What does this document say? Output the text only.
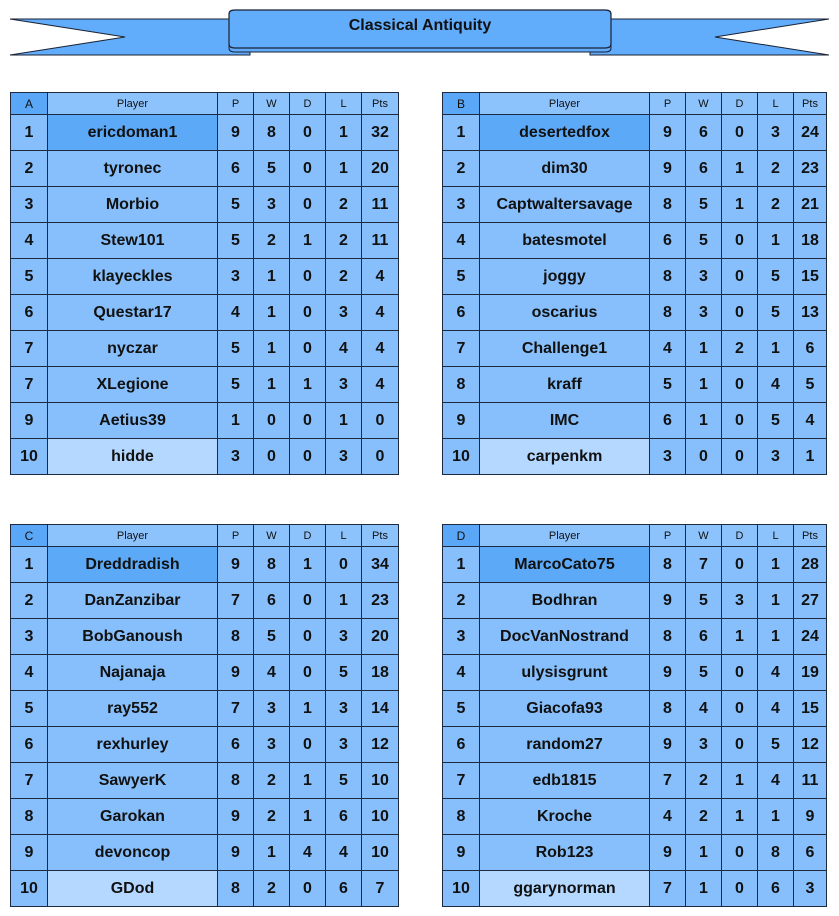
Classical Antiquity
A	Player	P	W	D	L	Pts
1	ericdoman1	9	8	0	1	32
2	tyronec	6	5	0	1	20
3	Morbio	5	3	0	2	11
4	Stew101	5	2	1	2	11
5	klayeckles	3	1	0	2	4
6	Questar17	4	1	0	3	4
7	nyczar	5	1	0	4	4
7	XLegione	5	1	1	3	4
9	Aetius39	1	0	0	1	0
10	hidde	3	0	0	3	0
B	Player	P	W	D	L	Pts
1	desertedfox	9	6	0	3	24
2	dim30	9	6	1	2	23
3	Captwaltersavage	8	5	1	2	21
4	batesmotel	6	5	0	1	18
5	joggy	8	3	0	5	15
6	oscarius	8	3	0	5	13
7	Challenge1	4	1	2	1	6
8	kraff	5	1	0	4	5
9	IMC	6	1	0	5	4
10	carpenkm	3	0	0	3	1
C	Player	P	W	D	L	Pts
1	Dreddradish	9	8	1	0	34
2	DanZanzibar	7	6	0	1	23
3	BobGanoush	8	5	0	3	20
4	Najanaja	9	4	0	5	18
5	ray552	7	3	1	3	14
6	rexhurley	6	3	0	3	12
7	SawyerK	8	2	1	5	10
8	Garokan	9	2	1	6	10
9	devoncop	9	1	4	4	10
10	GDod	8	2	0	6	7
D	Player	P	W	D	L	Pts
1	MarcoCato75	8	7	0	1	28
2	Bodhran	9	5	3	1	27
3	DocVanNostrand	8	6	1	1	24
4	ulysisgrunt	9	5	0	4	19
5	Giacofa93	8	4	0	4	15
6	random27	9	3	0	5	12
7	edb1815	7	2	1	4	11
8	Kroche	4	2	1	1	9
9	Rob123	9	1	0	8	6
10	ggarynorman	7	1	0	6	3
